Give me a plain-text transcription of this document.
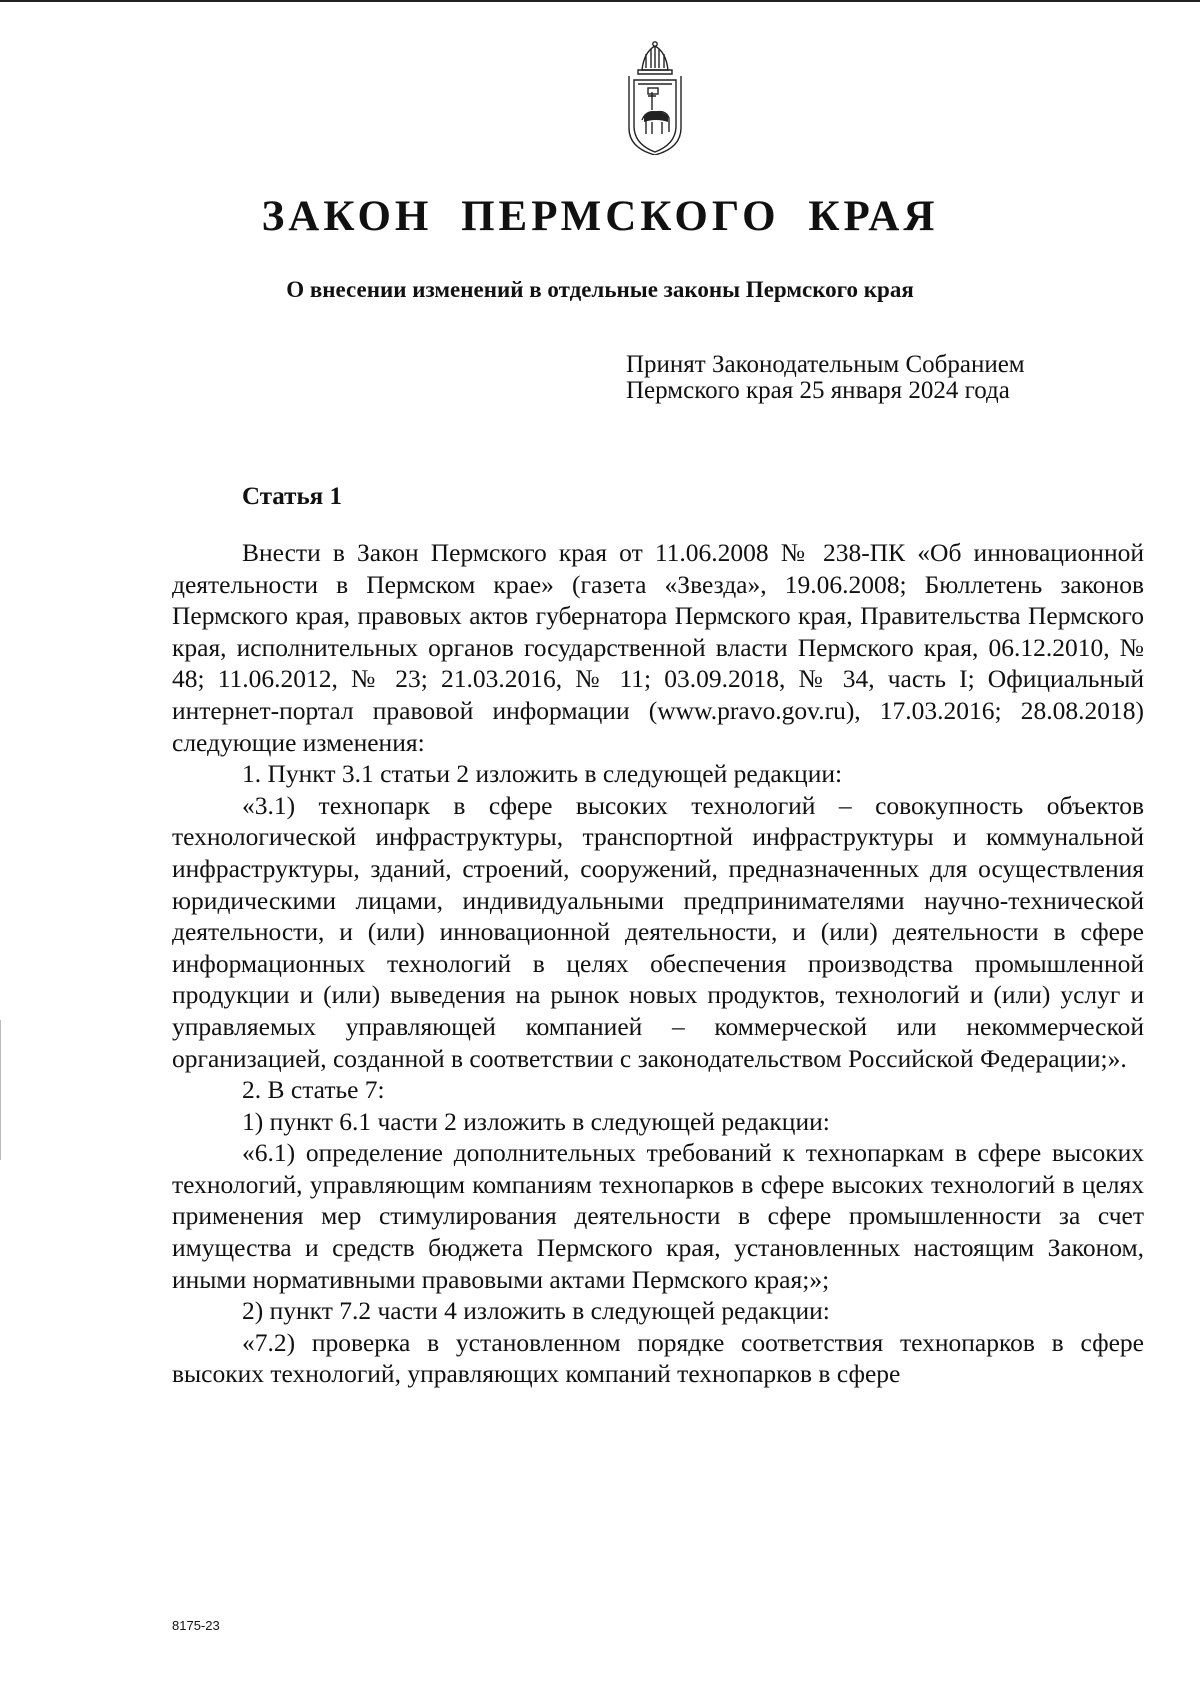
ЗАКОН ПЕРМСКОГО КРАЯ
О внесении изменений в отдельные законы Пермского края
Принят Законодательным Собранием
Пермского края 25 января 2024 года
Статья 1

Внести в Закон Пермского края от 11.06.2008 № 238-ПК «Об инновационной деятельности в Пермском крае» (газета «Звезда», 19.06.2008; Бюллетень законов Пермского края, правовых актов губернатора Пермского края, Правительства Пермского края, исполнительных органов государственной власти Пермского края, 06.12.2010, № 48; 11.06.2012, № 23; 21.03.2016, № 11; 03.09.2018, № 34, часть I; Официальный интернет-портал правовой информации (www.pravo.gov.ru), 17.03.2016; 28.08.2018) следующие изменения:

1. Пункт 3.1 статьи 2 изложить в следующей редакции:

«3.1) технопарк в сфере высоких технологий – совокупность объектов технологической инфраструктуры, транспортной инфраструктуры и коммунальной инфраструктуры, зданий, строений, сооружений, предназначенных для осуществления юридическими лицами, индивидуальными предпринимателями научно-технической деятельности, и (или) инновационной деятельности, и (или) деятельности в сфере информационных технологий в целях обеспечения производства промышленной продукции и (или) выведения на рынок новых продуктов, технологий и (или) услуг и управляемых управляющей компанией – коммерческой или некоммерческой организацией, созданной в соответствии с законодательством Российской Федерации;».

2. В статье 7:

1) пункт 6.1 части 2 изложить в следующей редакции:

«6.1) определение дополнительных требований к технопаркам в сфере высоких технологий, управляющим компаниям технопарков в сфере высоких технологий в целях применения мер стимулирования деятельности в сфере промышленности за счет имущества и средств бюджета Пермского края, установленных настоящим Законом, иными нормативными правовыми актами Пермского края;»;

2) пункт 7.2 части 4 изложить в следующей редакции:

«7.2) проверка в установленном порядке соответствия технопарков в сфере высоких технологий, управляющих компаний технопарков в сфере

8175-23
